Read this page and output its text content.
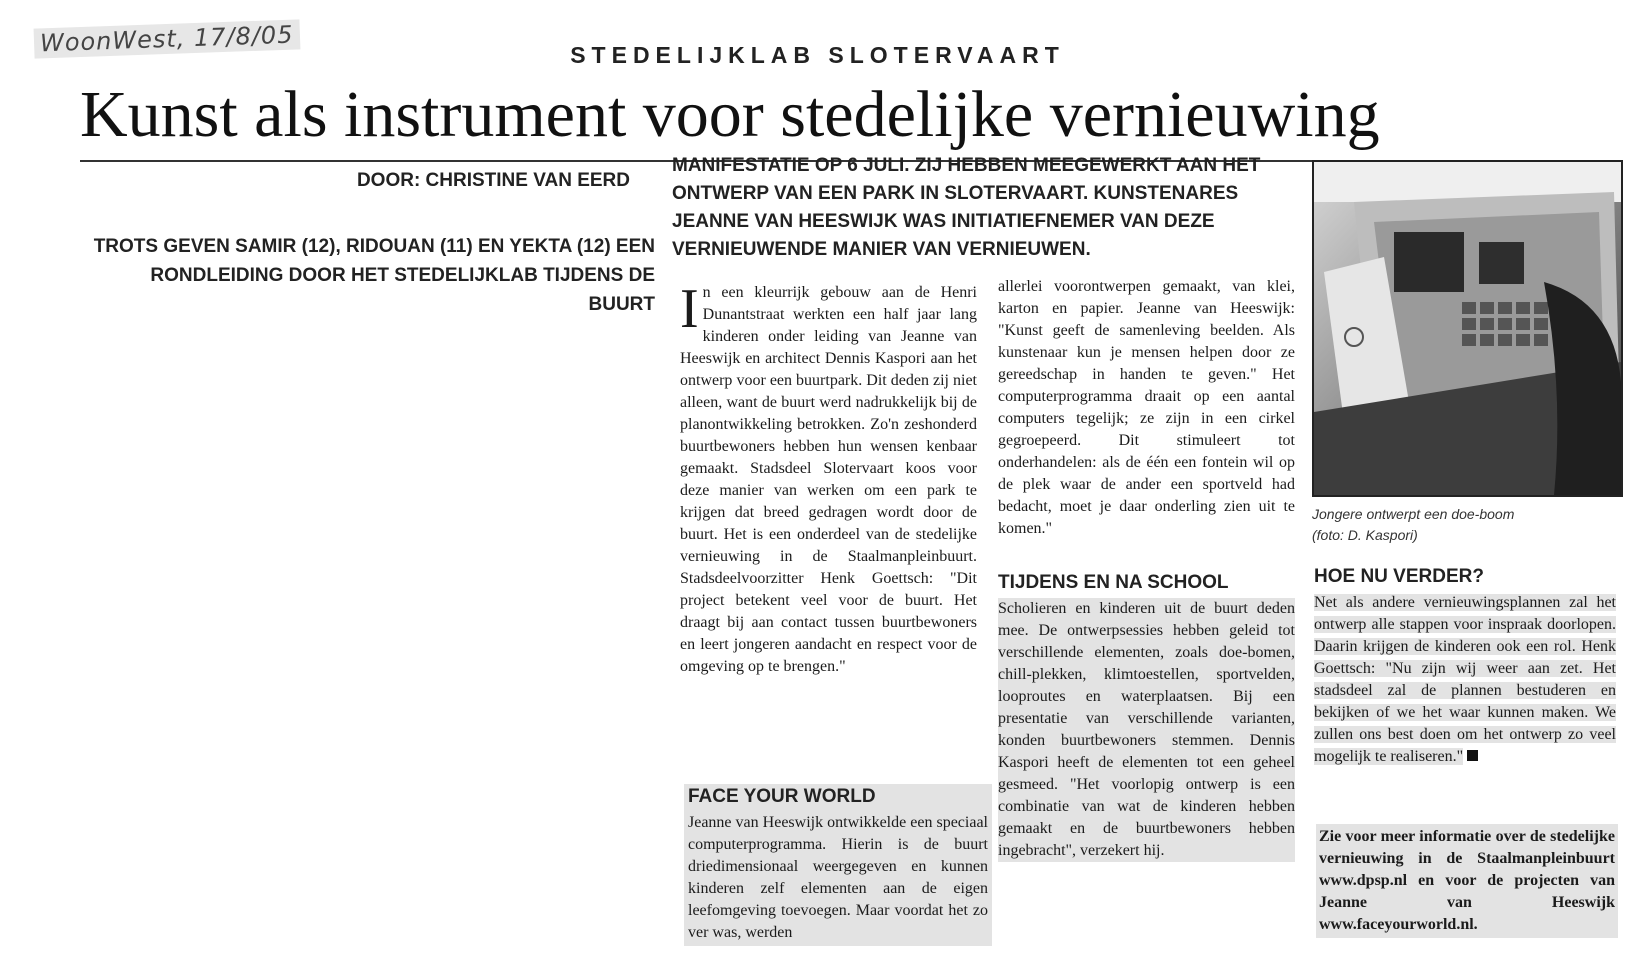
WoonWest, 17/8/05	STEDELIJKLAB SLOTERVAART
Kunst als instrument voor stedelijke vernieuwing
DOOR: CHRISTINE VAN EERD
TROTS GEVEN SAMIR (12), RIDOUAN (11) EN YEKTA (12) EEN RONDLEIDING DOOR HET STEDELIJKLAB TIJDENS DE BUURT
MANIFESTATIE OP 6 JULI. ZIJ HEBBEN MEEGEWERKT AAN HET ONTWERP VAN EEN PARK IN SLOTERVAART. KUNSTENARES JEANNE VAN HEESWIJK WAS INITIATIEFNEMER VAN DEZE VERNIEUWENDE MANIER VAN VERNIEUWEN.

In een kleurrijk gebouw aan de Henri Dunantstraat werkten een half jaar lang kinderen onder leiding van Jeanne van Heeswijk en architect Dennis Kaspori aan het ontwerp voor een buurtpark. Dit deden zij niet alleen, want de buurt werd nadrukkelijk bij de planontwikkeling betrokken. Zo'n zeshonderd buurtbewoners hebben hun wensen kenbaar gemaakt. Stadsdeel Slotervaart koos voor deze manier van werken om een park te krijgen dat breed gedragen wordt door de buurt. Het is een onderdeel van de stedelijke vernieuwing in de Staalmanpleinbuurt. Stadsdeelvoorzitter Henk Goettsch: "Dit project betekent veel voor de buurt. Het draagt bij aan contact tussen buurtbewoners en leert jongeren aandacht en respect voor de omgeving op te brengen."

FACE YOUR WORLD

Jeanne van Heeswijk ontwikkelde een speciaal computerprogramma. Hierin is de buurt driedimensionaal weergegeven en kunnen kinderen zelf elementen aan de eigen leefomgeving toevoegen. Maar voordat het zo ver was, werden

allerlei voorontwerpen gemaakt, van klei, karton en papier. Jeanne van Heeswijk: "Kunst geeft de samenleving beelden. Als kunstenaar kun je mensen helpen door ze gereedschap in handen te geven." Het computerprogramma draait op een aantal computers tegelijk; ze zijn in een cirkel gegroepeerd. Dit stimuleert tot onderhandelen: als de één een fontein wil op de plek waar de ander een sportveld had bedacht, moet je daar onderling zien uit te komen."

TIJDENS EN NA SCHOOL

Scholieren en kinderen uit de buurt deden mee. De ontwerpsessies hebben geleid tot verschillende elementen, zoals doe-bomen, chill-plekken, klimtoestellen, sportvelden, looproutes en waterplaatsen. Bij een presentatie van verschillende varianten, konden buurtbewoners stemmen. Dennis Kaspori heeft de elementen tot een geheel gesmeed. "Het voorlopig ontwerp is een combinatie van wat de kinderen hebben gemaakt en de buurtbewoners hebben ingebracht", verzekert hij.

Jongere ontwerpt een doe-boom
(foto: D. Kaspori)
HOE NU VERDER?

Net als andere vernieuwingsplannen zal het ontwerp alle stappen voor inspraak doorlopen. Daarin krijgen de kinderen ook een rol. Henk Goettsch: "Nu zijn wij weer aan zet. Het stadsdeel zal de plannen bestuderen en bekijken of we het waar kunnen maken. We zullen ons best doen om het ontwerp zo veel mogelijk te realiseren."

Zie voor meer informatie over de stedelijke vernieuwing in de Staalmanpleinbuurt www.dpsp.nl en voor de projecten van Jeanne van Heeswijk www.faceyourworld.nl.
